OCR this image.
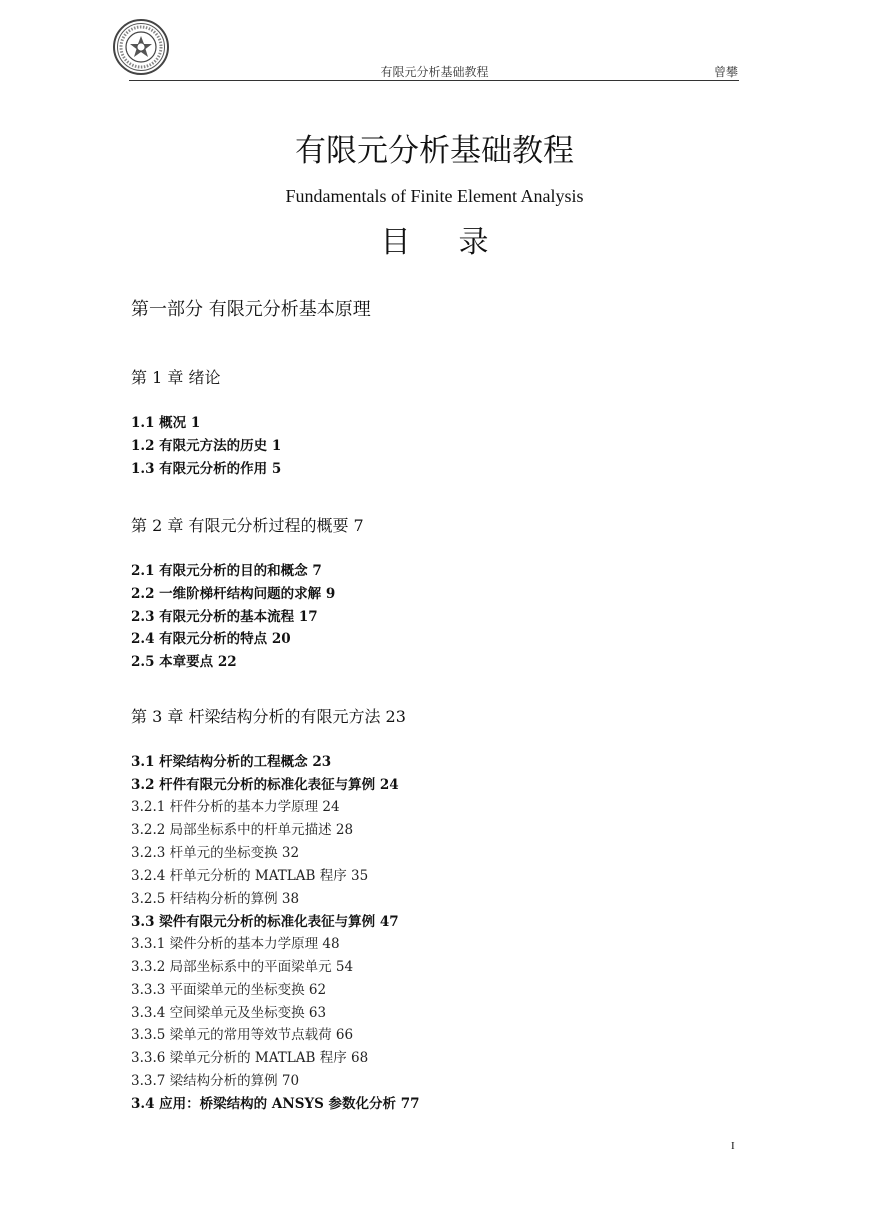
有限元分析基础教程	曾攀
有限元分析基础教程
Fundamentals of Finite Element Analysis
目 录
第一部分 有限元分析基本原理
第 1 章 绪论
1.1 概况 1
1.2 有限元方法的历史 1
1.3 有限元分析的作用 5
第 2 章 有限元分析过程的概要 7
2.1 有限元分析的目的和概念 7
2.2 一维阶梯杆结构问题的求解 9
2.3 有限元分析的基本流程 17
2.4 有限元分析的特点 20
2.5 本章要点 22
第 3 章 杆梁结构分析的有限元方法 23
3.1 杆梁结构分析的工程概念 23
3.2 杆件有限元分析的标准化表征与算例 24
3.2.1 杆件分析的基本力学原理 24
3.2.2 局部坐标系中的杆单元描述 28
3.2.3 杆单元的坐标变换 32
3.2.4 杆单元分析的 MATLAB 程序 35
3.2.5 杆结构分析的算例 38
3.3 梁件有限元分析的标准化表征与算例 47
3.3.1 梁件分析的基本力学原理 48
3.3.2 局部坐标系中的平面梁单元 54
3.3.3 平面梁单元的坐标变换 62
3.3.4 空间梁单元及坐标变换 63
3.3.5 梁单元的常用等效节点载荷 66
3.3.6 梁单元分析的 MATLAB 程序 68
3.3.7 梁结构分析的算例 70
3.4 应用：桥梁结构的 ANSYS 参数化分析 77
I
